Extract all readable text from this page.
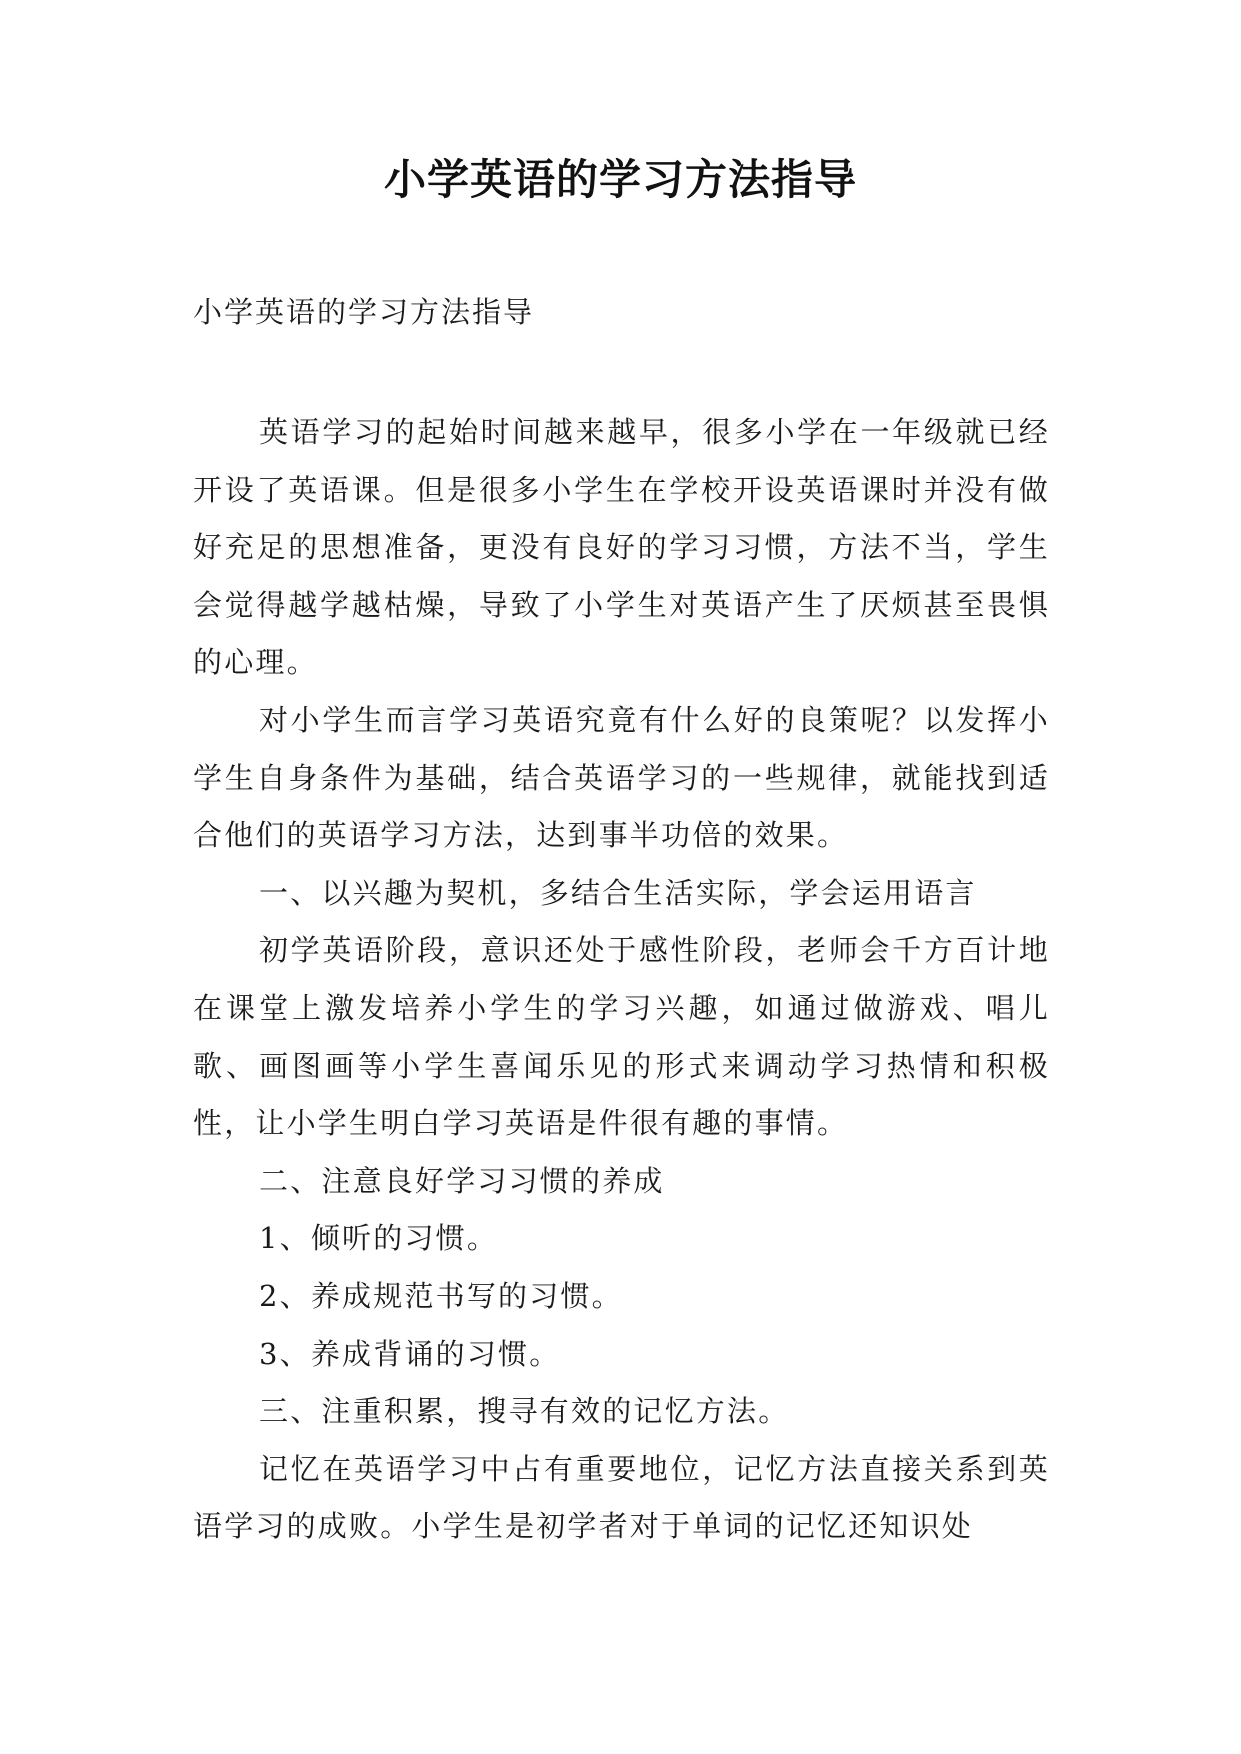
小学英语的学习方法指导
小学英语的学习方法指导

英语学习的起始时间越来越早，很多小学在一年级就已经开设了英语课。但是很多小学生在学校开设英语课时并没有做好充足的思想准备，更没有良好的学习习惯，方法不当，学生会觉得越学越枯燥，导致了小学生对英语产生了厌烦甚至畏惧的心理。

对小学生而言学习英语究竟有什么好的良策呢？以发挥小学生自身条件为基础，结合英语学习的一些规律，就能找到适合他们的英语学习方法，达到事半功倍的效果。

一、以兴趣为契机，多结合生活实际，学会运用语言

初学英语阶段，意识还处于感性阶段，老师会千方百计地在课堂上激发培养小学生的学习兴趣，如通过做游戏、唱儿歌、画图画等小学生喜闻乐见的形式来调动学习热情和积极性，让小学生明白学习英语是件很有趣的事情。

二、注意良好学习习惯的养成

1、倾听的习惯。

2、养成规范书写的习惯。

3、养成背诵的习惯。

三、注重积累，搜寻有效的记忆方法。

记忆在英语学习中占有重要地位，记忆方法直接关系到英语学习的成败。小学生是初学者对于单词的记忆还知识处
